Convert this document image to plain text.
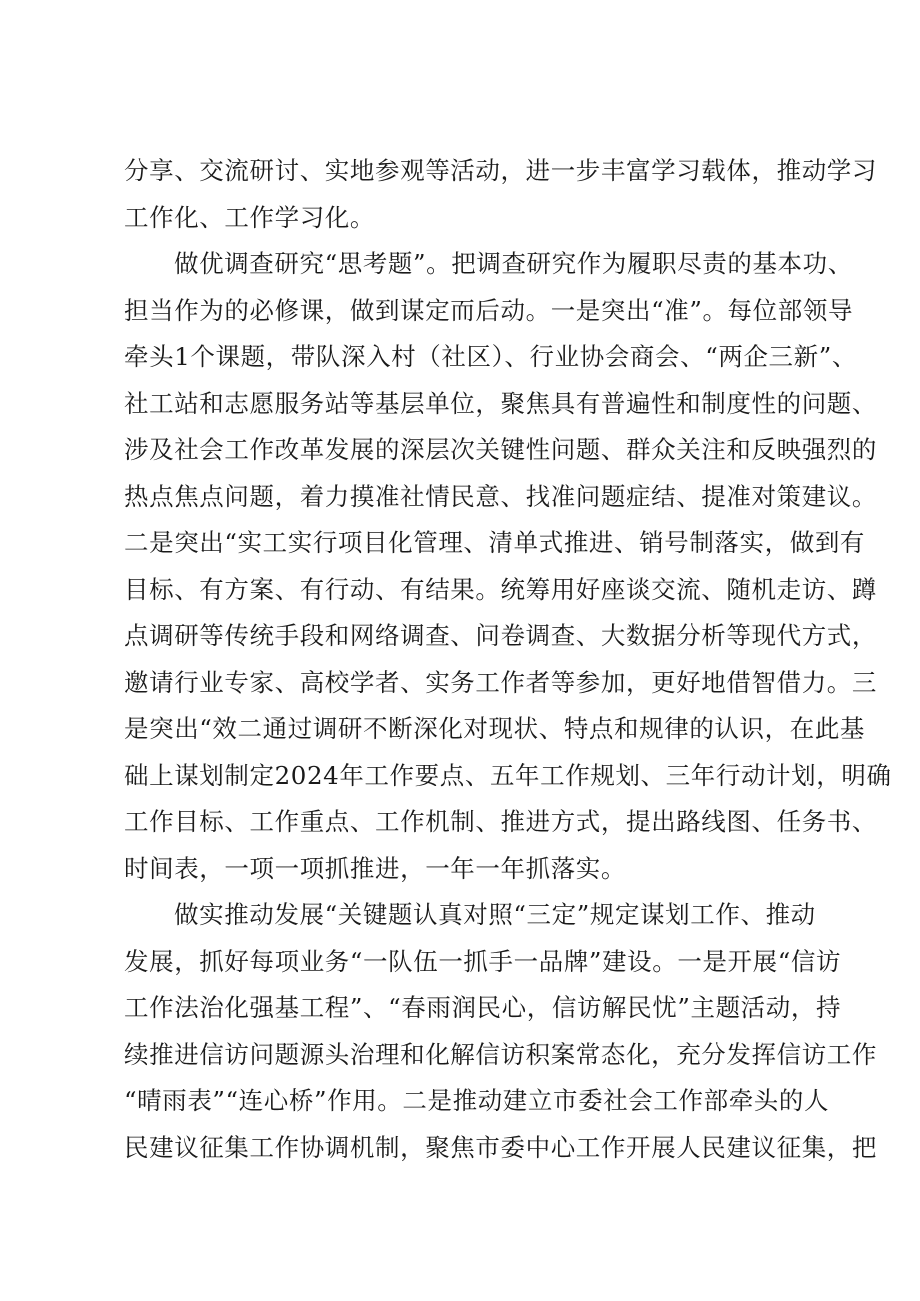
分享、交流研讨、实地参观等活动，进一步丰富学习载体，推动学习
工作化、工作学习化。
做优调查研究“思考题”。把调查研究作为履职尽责的基本功、
担当作为的必修课，做到谋定而后动。一是突出“准”。每位部领导
牵头1个课题，带队深入村（社区）、行业协会商会、“两企三新”、
社工站和志愿服务站等基层单位，聚焦具有普遍性和制度性的问题、
涉及社会工作改革发展的深层次关键性问题、群众关注和反映强烈的
热点焦点问题，着力摸准社情民意、找准问题症结、提准对策建议。
二是突出“实工实行项目化管理、清单式推进、销号制落实，做到有
目标、有方案、有行动、有结果。统筹用好座谈交流、随机走访、蹲
点调研等传统手段和网络调查、问卷调查、大数据分析等现代方式，
邀请行业专家、高校学者、实务工作者等参加，更好地借智借力。三
是突出“效二通过调研不断深化对现状、特点和规律的认识，在此基
础上谋划制定2024年工作要点、五年工作规划、三年行动计划，明确
工作目标、工作重点、工作机制、推进方式，提出路线图、任务书、
时间表，一项一项抓推进，一年一年抓落实。
做实推动发展“关键题认真对照“三定”规定谋划工作、推动
发展，抓好每项业务“一队伍一抓手一品牌”建设。一是开展“信访
工作法治化强基工程”、“春雨润民心，信访解民忧”主题活动，持
续推进信访问题源头治理和化解信访积案常态化，充分发挥信访工作
“晴雨表”“连心桥”作用。二是推动建立市委社会工作部牵头的人
民建议征集工作协调机制，聚焦市委中心工作开展人民建议征集，把
